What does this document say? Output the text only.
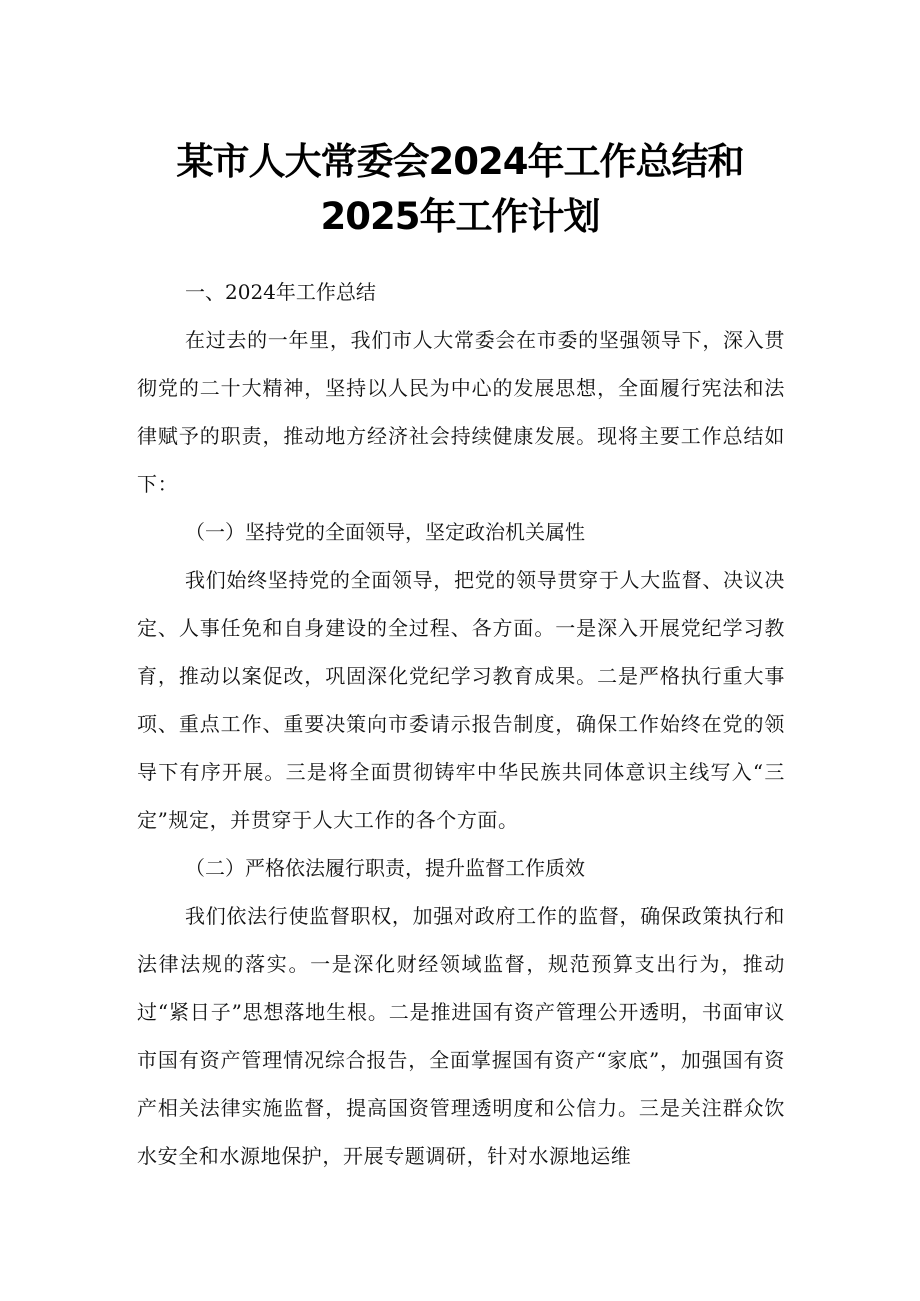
某市人大常委会2024年工作总结和
2025年工作计划
一、2024年工作总结
在过去的一年里，我们市人大常委会在市委的坚强领导下，深入贯彻党的二十大精神，坚持以人民为中心的发展思想，全面履行宪法和法律赋予的职责，推动地方经济社会持续健康发展。现将主要工作总结如下：
（一）坚持党的全面领导，坚定政治机关属性
我们始终坚持党的全面领导，把党的领导贯穿于人大监督、决议决定、人事任免和自身建设的全过程、各方面。一是深入开展党纪学习教育，推动以案促改，巩固深化党纪学习教育成果。二是严格执行重大事项、重点工作、重要决策向市委请示报告制度，确保工作始终在党的领导下有序开展。三是将全面贯彻铸牢中华民族共同体意识主线写入“三定”规定，并贯穿于人大工作的各个方面。
（二）严格依法履行职责，提升监督工作质效
我们依法行使监督职权，加强对政府工作的监督，确保政策执行和法律法规的落实。一是深化财经领域监督，规范预算支出行为，推动过“紧日子”思想落地生根。二是推进国有资产管理公开透明，书面审议市国有资产管理情况综合报告，全面掌握国有资产“家底”，加强国有资产相关法律实施监督，提高国资管理透明度和公信力。三是关注群众饮水安全和水源地保护，开展专题调研，针对水源地运维
